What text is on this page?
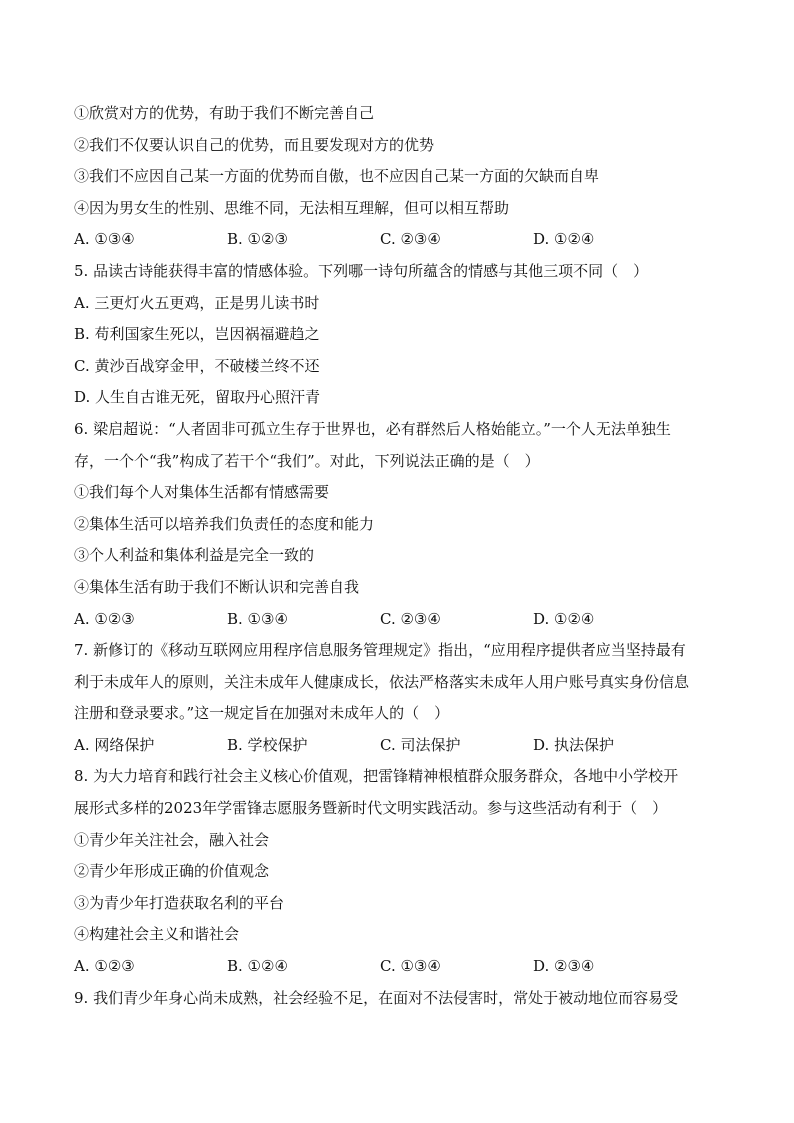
①欣赏对方的优势，有助于我们不断完善自己
②我们不仅要认识自己的优势，而且要发现对方的优势
③我们不应因自己某一方面的优势而自傲，也不应因自己某一方面的欠缺而自卑
④因为男女生的性别、思维不同，无法相互理解，但可以相互帮助
A. ①③④	B. ①②③	C. ②③④	D. ①②④
5. 品读古诗能获得丰富的情感体验。下列哪一诗句所蕴含的情感与其他三项不同（　）
A. 三更灯火五更鸡，正是男儿读书时
B. 苟利国家生死以，岂因祸福避趋之
C. 黄沙百战穿金甲，不破楼兰终不还
D. 人生自古谁无死，留取丹心照汗青
6. 梁启超说：“人者固非可孤立生存于世界也，必有群然后人格始能立。”一个人无法单独生
存，一个个“我”构成了若干个“我们”。对此，下列说法正确的是（　）
①我们每个人对集体生活都有情感需要
②集体生活可以培养我们负责任的态度和能力
③个人利益和集体利益是完全一致的
④集体生活有助于我们不断认识和完善自我
A. ①②③	B. ①③④	C. ②③④	D. ①②④
7. 新修订的《移动互联网应用程序信息服务管理规定》指出，“应用程序提供者应当坚持最有
利于未成年人的原则，关注未成年人健康成长，依法严格落实未成年人用户账号真实身份信息
注册和登录要求。”这一规定旨在加强对未成年人的（　）
A. 网络保护	B. 学校保护	C. 司法保护	D. 执法保护
8. 为大力培育和践行社会主义核心价值观，把雷锋精神根植群众服务群众，各地中小学校开
展形式多样的2023年学雷锋志愿服务暨新时代文明实践活动。参与这些活动有利于（　）
①青少年关注社会，融入社会
②青少年形成正确的价值观念
③为青少年打造获取名利的平台
④构建社会主义和谐社会
A. ①②③	B. ①②④	C. ①③④	D. ②③④
9. 我们青少年身心尚未成熟，社会经验不足，在面对不法侵害时，常处于被动地位而容易受
